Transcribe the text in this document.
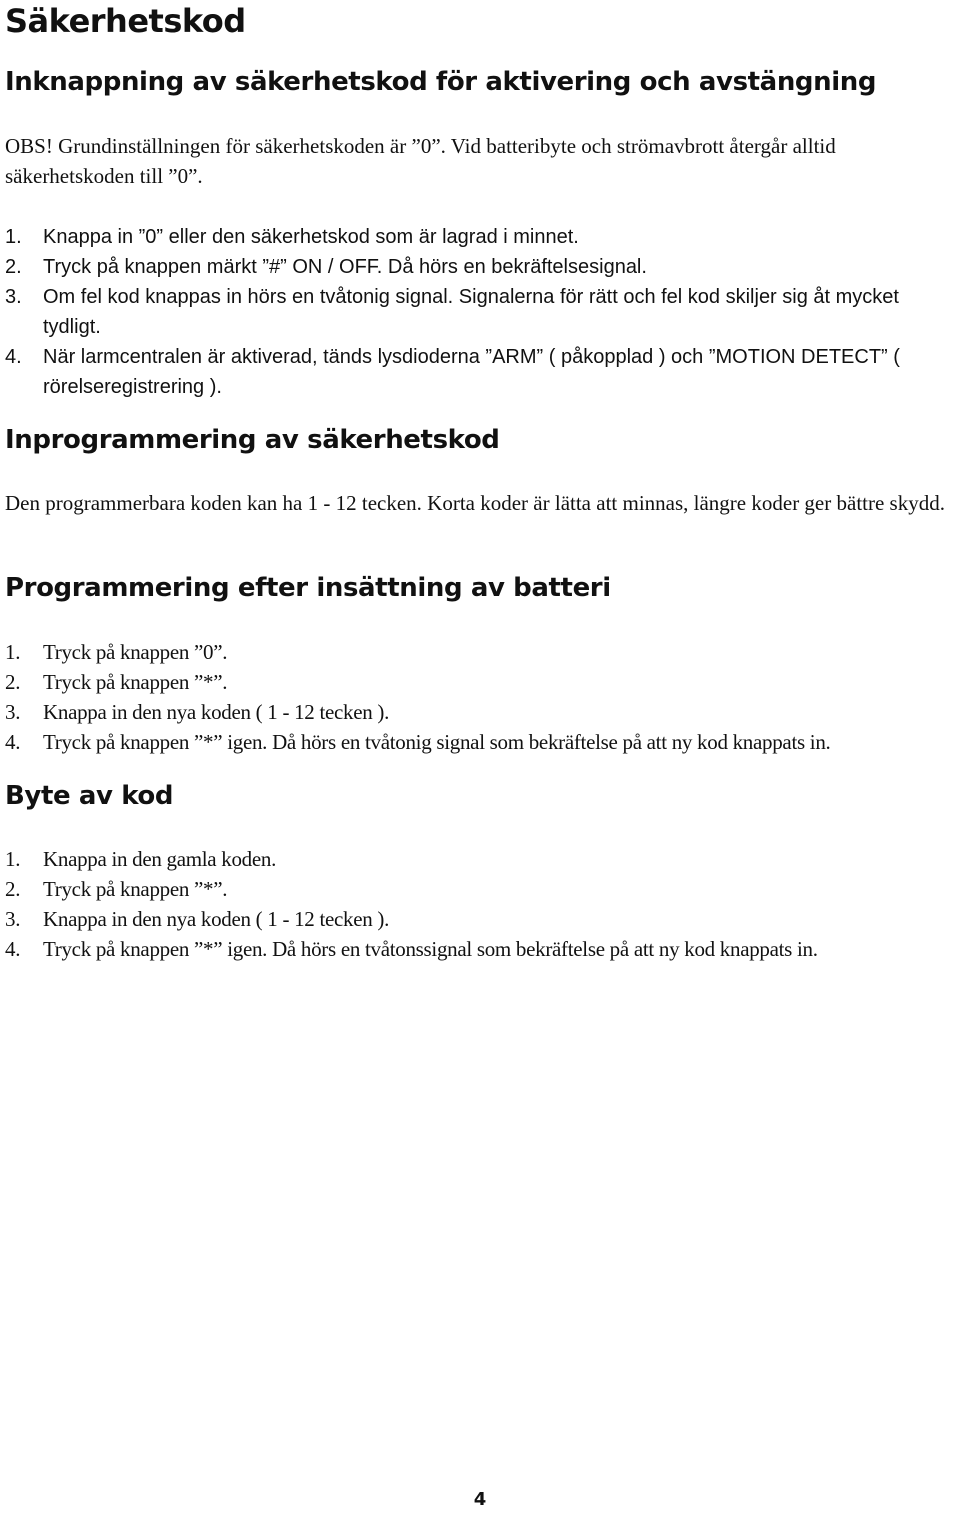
Säkerhetskod
Inknappning av säkerhetskod för aktivering och avstängning

OBS! Grundinställningen för säkerhetskoden är ”0”. Vid batteribyte och strömavbrott återgår alltid säkerhetskoden till ”0”.

1. Knappa in ”0” eller den säkerhetskod som är lagrad i minnet.
2. Tryck på knappen märkt ”#” ON / OFF. Då hörs en bekräftelsesignal.
3. Om fel kod knappas in hörs en tvåtonig signal. Signalerna för rätt och fel kod skiljer sig åt mycket tydligt.
4. När larmcentralen är aktiverad, tänds lysdioderna ”ARM” ( påkopplad ) och ”MOTION DETECT” ( rörelseregistrering ).
Inprogrammering av säkerhetskod

Den programmerbara koden kan ha 1 - 12 tecken. Korta koder är lätta att minnas, längre koder ger bättre skydd.

Programmering efter insättning av batteri
1. Tryck på knappen ”0”.
2. Tryck på knappen ”*”.
3. Knappa in den nya koden ( 1 - 12 tecken ).
4. Tryck på knappen ”*” igen. Då hörs en tvåtonig signal som bekräftelse på att ny kod knappats in.
Byte av kod
1. Knappa in den gamla koden.
2. Tryck på knappen ”*”.
3. Knappa in den nya koden ( 1 - 12 tecken ).
4. Tryck på knappen ”*” igen. Då hörs en tvåtonssignal som bekräftelse på att ny kod knappats in.
4
